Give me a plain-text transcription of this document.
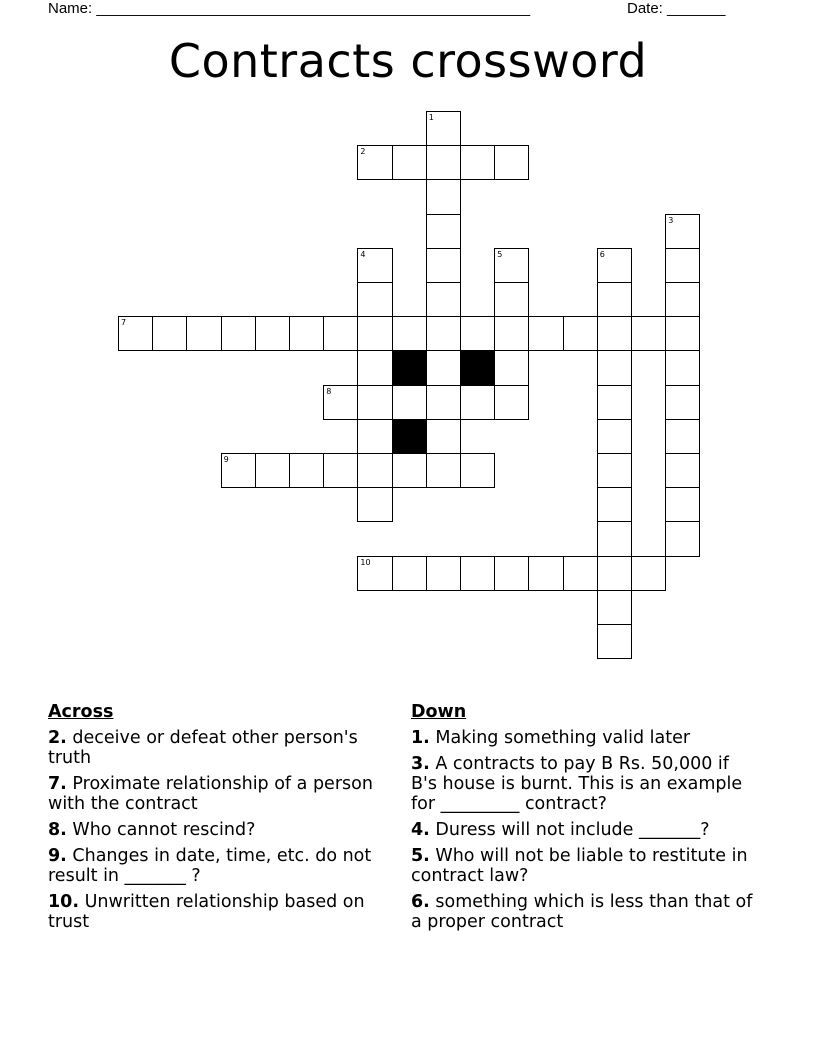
Name: ____________________________________________________	Date: _______
Contracts crossword
1
2
3
4	5	6
7
8
9
10
Across
2. deceive or defeat other person's truth
7. Proximate relationship of a person with the contract
8. Who cannot rescind?
9. Changes in date, time, etc. do not result in _______ ?
10. Unwritten relationship based on trust
Down
1. Making something valid later
3. A contracts to pay B Rs. 50,000 if B's house is burnt. This is an example for _________ contract?
4. Duress will not include _______?
5. Who will not be liable to restitute in contract law?
6. something which is less than that of a proper contract
